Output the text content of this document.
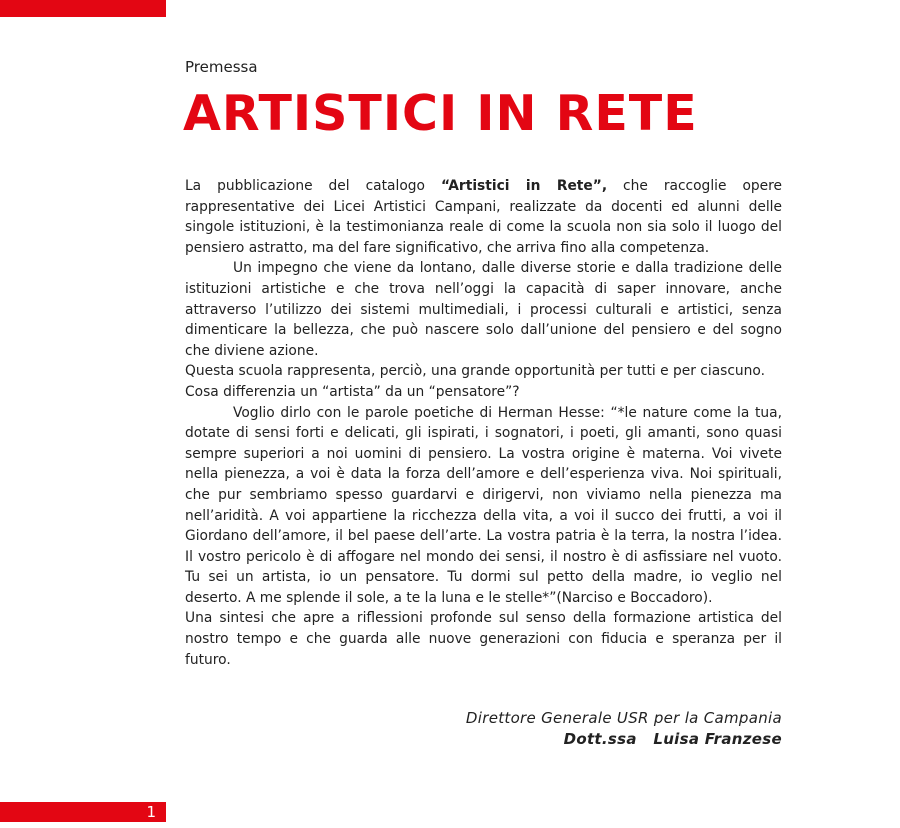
Premessa
ARTISTICI IN RETE

La pubblicazione del catalogo “Artistici in Rete”, che raccoglie opere rappresentative dei Licei Artistici Campani, realizzate da docenti ed alunni delle singole istituzioni, è la testimonianza reale di come la scuola non sia solo il luogo del pensiero astratto, ma del fare significativo, che arriva fino alla competenza.

Un impegno che viene da lontano, dalle diverse storie e dalla tradizione delle istituzioni artistiche e che trova nell’oggi la capacità di saper innovare, anche attraverso l’utilizzo dei sistemi multimediali, i processi culturali e artistici, senza dimenticare la bellezza, che può nascere solo dall’unione del pensiero e del sogno che diviene azione.

Questa scuola rappresenta, perciò, una grande opportunità per tutti e per ciascuno.

Cosa differenzia un “artista” da un “pensatore”?

Voglio dirlo con le parole poetiche di Herman Hesse: “*le nature come la tua, dotate di sensi forti e delicati, gli ispirati, i sognatori, i poeti, gli amanti, sono quasi sempre superiori a noi uomini di pensiero. La vostra origine è materna. Voi vivete nella pienezza, a voi è data la forza dell’amore e dell’esperienza viva. Noi spirituali, che pur sembriamo spesso guardarvi e dirigervi, non viviamo nella pienezza ma nell’aridità. A voi appartiene la ricchezza della vita, a voi il succo dei frutti, a voi il Giordano dell’amore, il bel paese dell’arte. La vostra patria è la terra, la nostra l’idea. Il vostro pericolo è di affogare nel mondo dei sensi, il nostro è di asfissiare nel vuoto. Tu sei un artista, io un pensatore. Tu dormi sul petto della madre, io veglio nel deserto. A me splende il sole, a te la luna e le stelle*”(Narciso e Boccadoro).

Una sintesi che apre a riflessioni profonde sul senso della formazione artistica del nostro tempo e che guarda alle nuove generazioni con fiducia e speranza per il futuro.

Direttore Generale USR per la Campania
Dott.ssa   Luisa Franzese
1
